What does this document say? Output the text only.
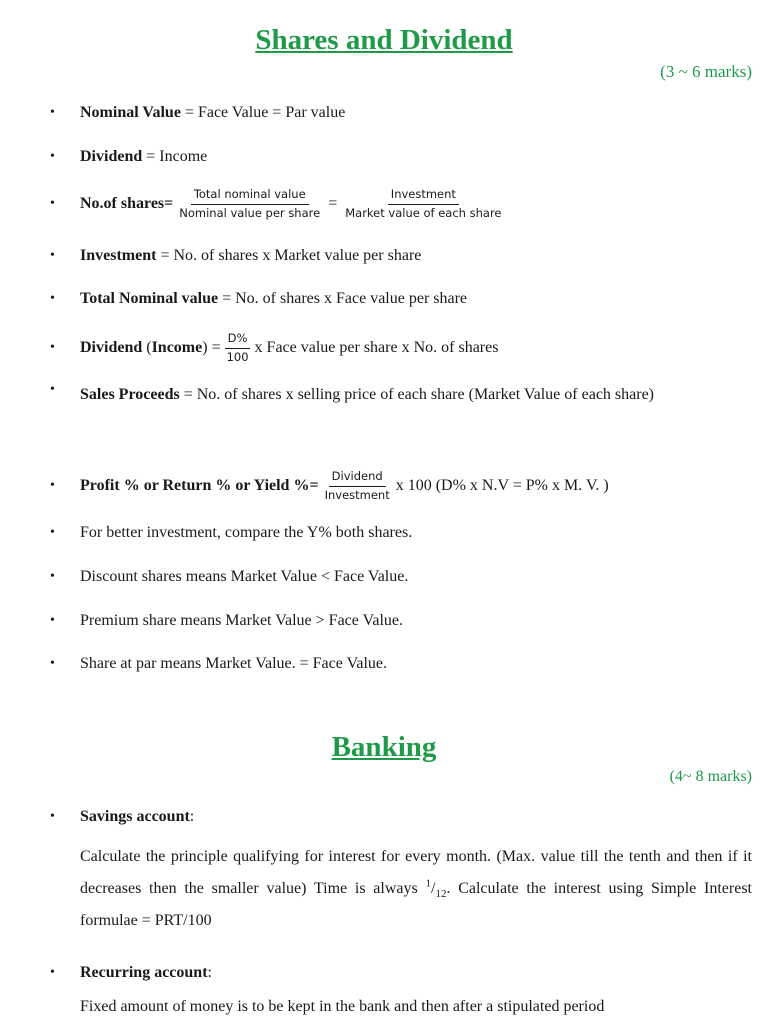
Shares and Dividend
(3 ~ 6 marks)
•	Nominal Value = Face Value = Par value
•	Dividend = Income
•	No.of shares= $\frac{\text{Total nominal value}}{\text{Nominal value per share}} = \frac{\text{Investment}}{\text{Market value of each share}}$
•	Investment = No. of shares x Market value per share
•	Total Nominal value = No. of shares x Face value per share
•	Dividend ( Income ) = $\frac{D\%}{100}$ x Face value per share x No. of shares
•	Sales Proceeds = No. of shares x selling price of each share (Market Value of each share)
•	Profit % or Return % or Yield %= $\frac{\text{Dividend}}{\text{Investment}}$ x 100 (D% x N.V = P% x M. V. )
•	For better investment, compare the Y% both shares.
•	Discount shares means Market Value < Face Value.
•	Premium share means Market Value > Face Value.
•	Share at par means Market Value. = Face Value.
Banking
(4~ 8 marks)
•	Savings account :
Calculate the principle qualifying for interest for every month. (Max. value till the tenth and then if it decreases then the smaller value) Time is always $^1/_{12}$. Calculate the interest using Simple Interest formulae = PRT/100
•	Recurring account :
Fixed amount of money is to be kept in the bank and then after a stipulated period
